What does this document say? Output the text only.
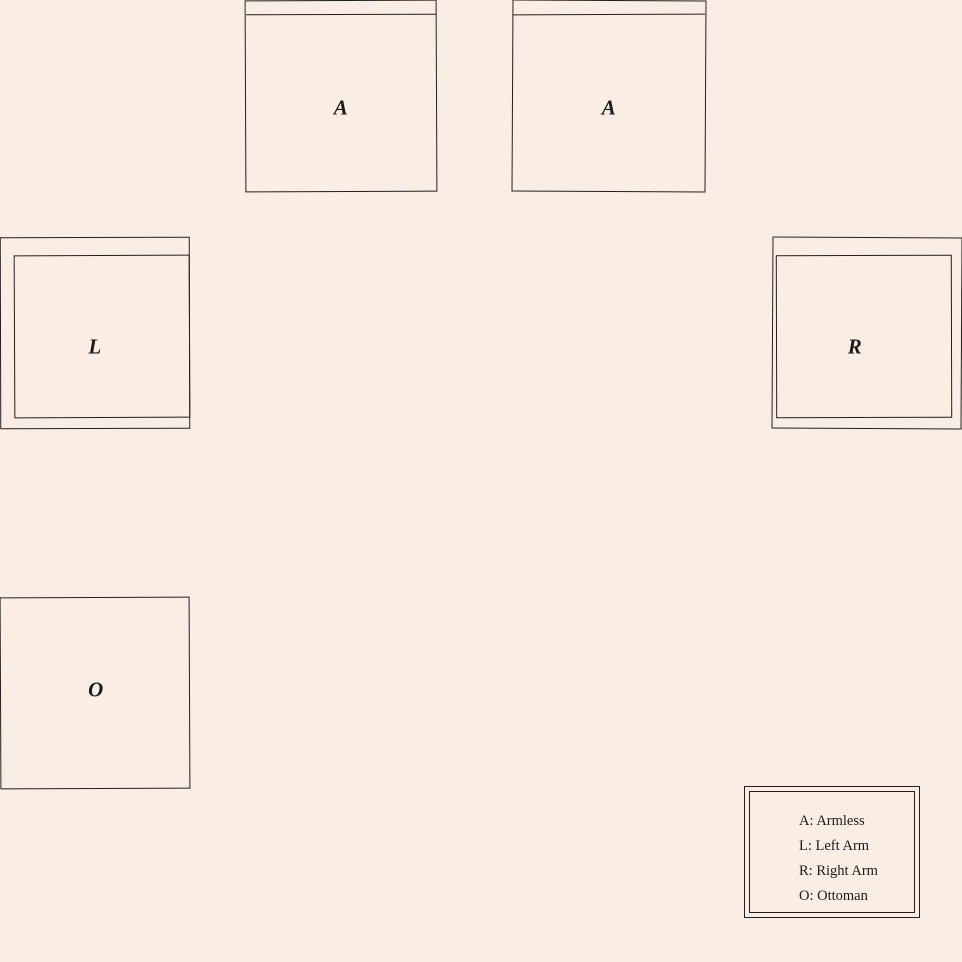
A	A
L	R
O
A: Armless
L: Left Arm
R: Right Arm
O: Ottoman
